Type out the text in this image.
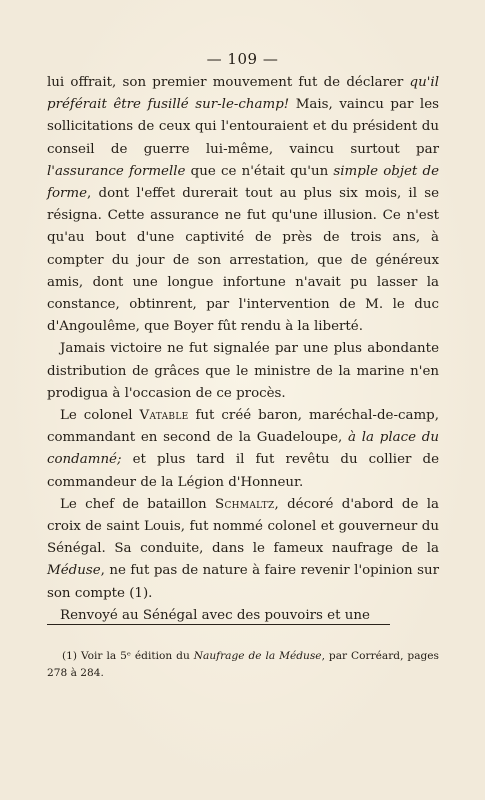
— 109 —

lui offrait, son premier mouvement fut de déclarer qu'il préférait être fusillé sur-le-champ! Mais, vaincu par les sollicitations de ceux qui l'entouraient et du président du conseil de guerre lui-même, vaincu surtout par l'assurance formelle que ce n'était qu'un simple objet de forme, dont l'effet durerait tout au plus six mois, il se résigna. Cette assurance ne fut qu'une illusion. Ce n'est qu'au bout d'une captivité de près de trois ans, à compter du jour de son arrestation, que de généreux amis, dont une longue infortune n'avait pu lasser la constance, obtinrent, par l'intervention de M. le duc d'Angoulême, que Boyer fût rendu à la liberté.

Jamais victoire ne fut signalée par une plus abondante distribution de grâces que le ministre de la marine n'en prodigua à l'occasion de ce procès.

Le colonel Vatable fut créé baron, maréchal-de-camp, commandant en second de la Guadeloupe, à la place du condamné; et plus tard il fut revêtu du collier de commandeur de la Légion d'Honneur.

Le chef de bataillon Schmaltz, décoré d'abord de la croix de saint Louis, fut nommé colonel et gouverneur du Sénégal. Sa conduite, dans le fameux naufrage de la Méduse, ne fut pas de nature à faire revenir l'opinion sur son compte (1).

Renvoyé au Sénégal avec des pouvoirs et une

(1) Voir la 5ᵉ édition du Naufrage de la Méduse, par Corréard, pages 278 à 284.
